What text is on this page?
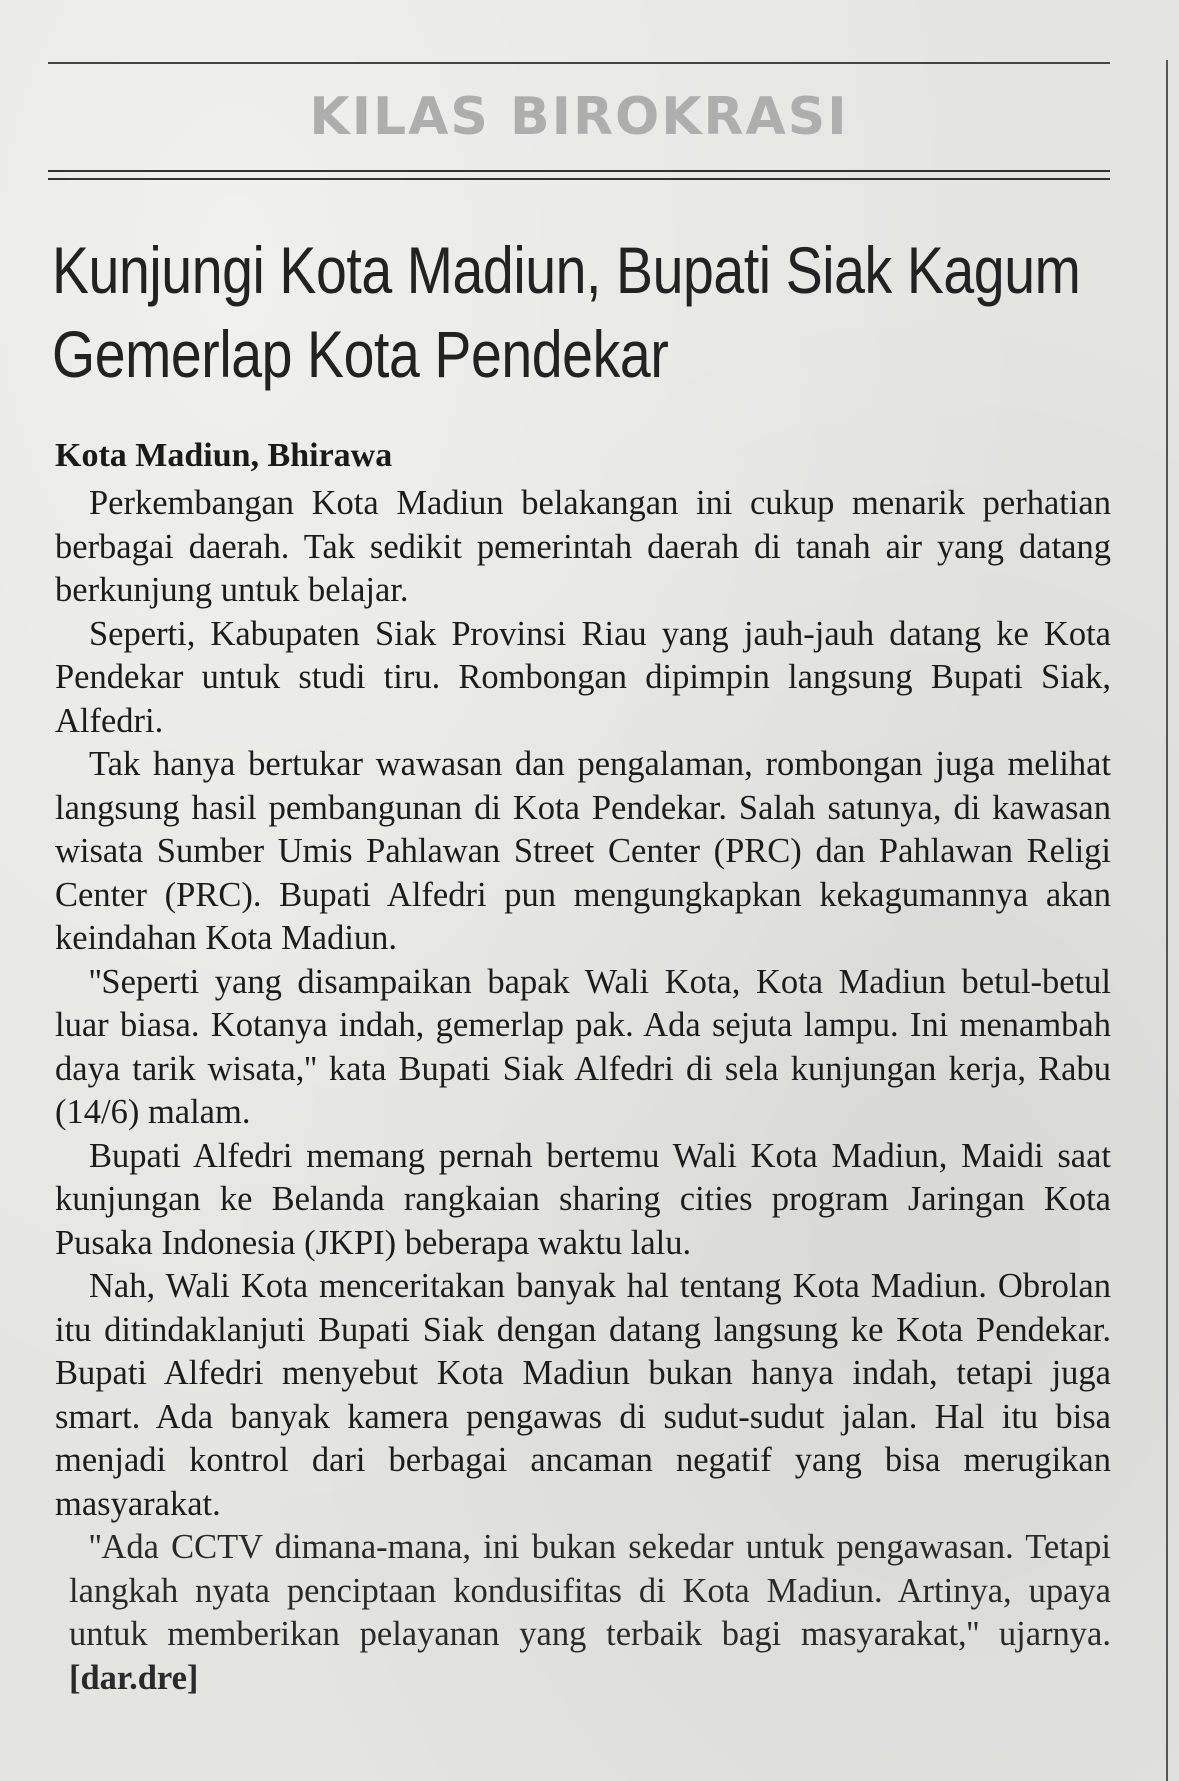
KILAS BIROKRASI
Kunjungi Kota Madiun, Bupati Siak Kagum Gemerlap Kota Pendekar

Kota Madiun, Bhirawa

Perkembangan Kota Madiun belakangan ini cukup menarik perhatian berbagai daerah. Tak sedikit pemerintah daerah di tanah air yang datang berkunjung untuk belajar.

Seperti, Kabupaten Siak Provinsi Riau yang jauh-jauh datang ke Kota Pendekar untuk studi tiru. Rombongan dipimpin langsung Bupati Siak, Alfedri.

Tak hanya bertukar wawasan dan pengalaman, rombongan juga melihat langsung hasil pembangunan di Kota Pendekar. Salah satunya, di kawasan wisata Sumber Umis Pahlawan Street Center (PRC) dan Pahlawan Religi Center (PRC). Bupati Alfedri pun mengungkapkan kekagumannya akan keindahan Kota Madiun.

''Seperti yang disampaikan bapak Wali Kota, Kota Madiun betul-betul luar biasa. Kotanya indah, gemerlap pak. Ada sejuta lampu. Ini menambah daya tarik wisata,'' kata Bupati Siak Alfedri di sela kunjungan kerja, Rabu (14/6) malam.

Bupati Alfedri memang pernah bertemu Wali Kota Madiun, Maidi saat kunjungan ke Belanda rangkaian sharing cities program Jaringan Kota Pusaka Indonesia (JKPI) beberapa waktu lalu.

Nah, Wali Kota menceritakan banyak hal tentang Kota Madiun. Obrolan itu ditindaklanjuti Bupati Siak dengan datang langsung ke Kota Pendekar. Bupati Alfedri menyebut Kota Madiun bukan hanya indah, tetapi juga smart. Ada banyak kamera pengawas di sudut-sudut jalan. Hal itu bisa menjadi kontrol dari berbagai ancaman negatif yang bisa merugikan masyarakat.

''Ada CCTV dimana-mana, ini bukan sekedar untuk pengawasan. Tetapi langkah nyata penciptaan kondusifitas di Kota Madiun. Artinya, upaya untuk memberikan pelayanan yang terbaik bagi masyarakat,'' ujarnya. [dar.dre]
